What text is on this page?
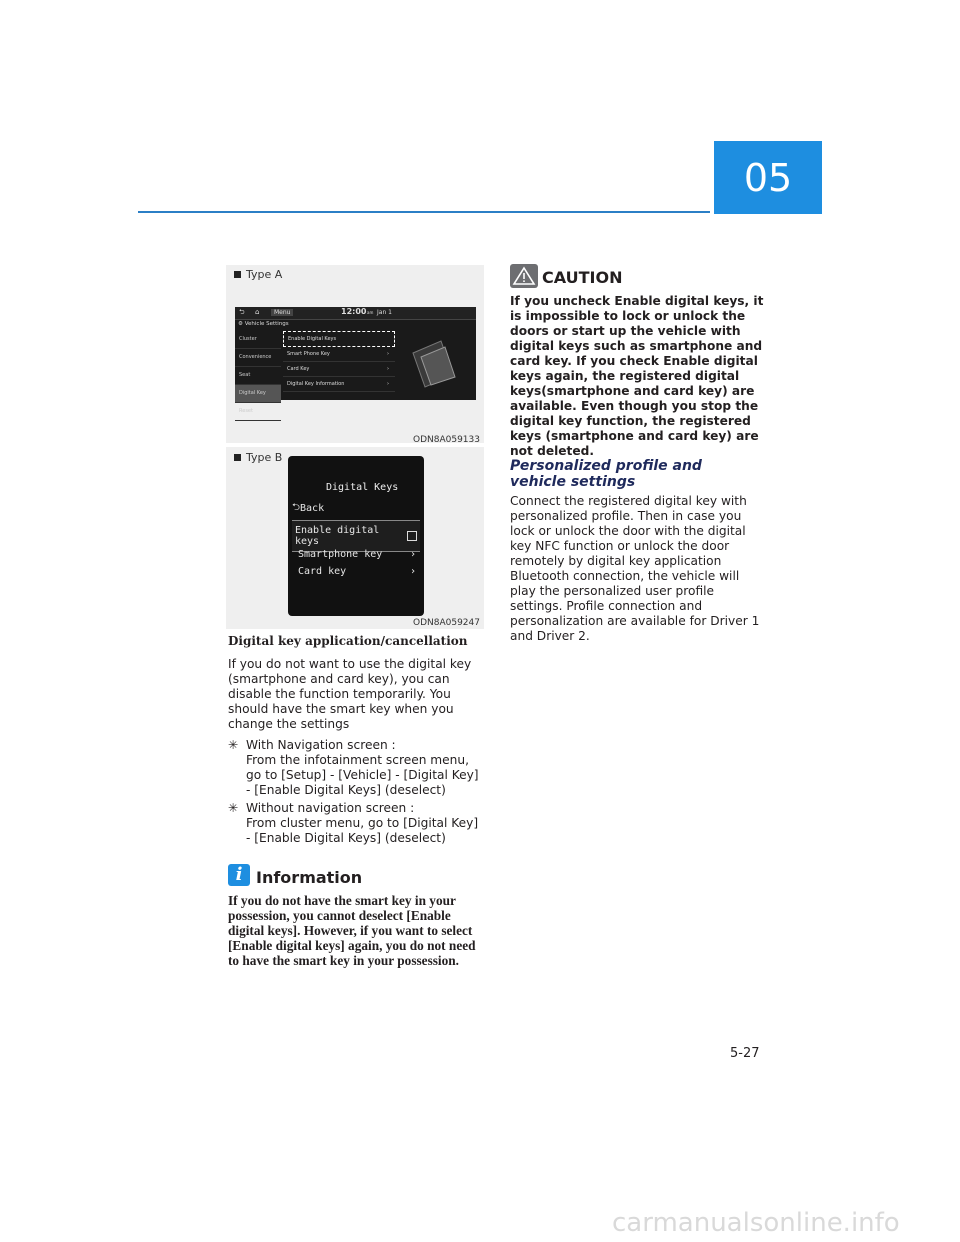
05
Type A
⮌ ⌂	Menu	12:00 am Jan 1
⚙ Vehicle Settings
Cluster
Convenience
Seat
Digital Key
Reset
Enable Digital Keys
Smart Phone Key	›
Card Key	›
Digital Key Information	›
ODN8A059133
Type B
Digital Keys
⮌ Back
Enable digital keys
Smartphone key	›
Card key	›
ODN8A059247
Digital key application/cancellation
If you do not want to use the digital key (smartphone and card key), you can disable the function temporarily. You should have the smart key when you change the settings
✳ With Navigation screen :
From the infotainment screen menu, go to [Setup] - [Vehicle] - [Digital Key] - [Enable Digital Keys] (deselect)
✳ Without navigation screen :
From cluster menu, go to [Digital Key] - [Enable Digital Keys] (deselect)
i Information
If you do not have the smart key in your possession, you cannot deselect [Enable digital keys]. However, if you want to select [Enable digital keys] again, you do not need to have the smart key in your possession.
CAUTION
If you uncheck Enable digital keys, it is impossible to lock or unlock the doors or start up the vehicle with digital keys such as smartphone and card key. If you check Enable digital keys again, the registered digital keys(smartphone and card key) are available. Even though you stop the digital key function, the registered keys (smartphone and card key) are not deleted.
Personalized profile and vehicle settings
Connect the registered digital key with personalized profile. Then in case you lock or unlock the door with the digital key NFC function or unlock the door remotely by digital key application Bluetooth connection, the vehicle will play the personalized user profile settings. Profile connection and personalization are available for Driver 1 and Driver 2.
5-27
carmanualsonline.info
